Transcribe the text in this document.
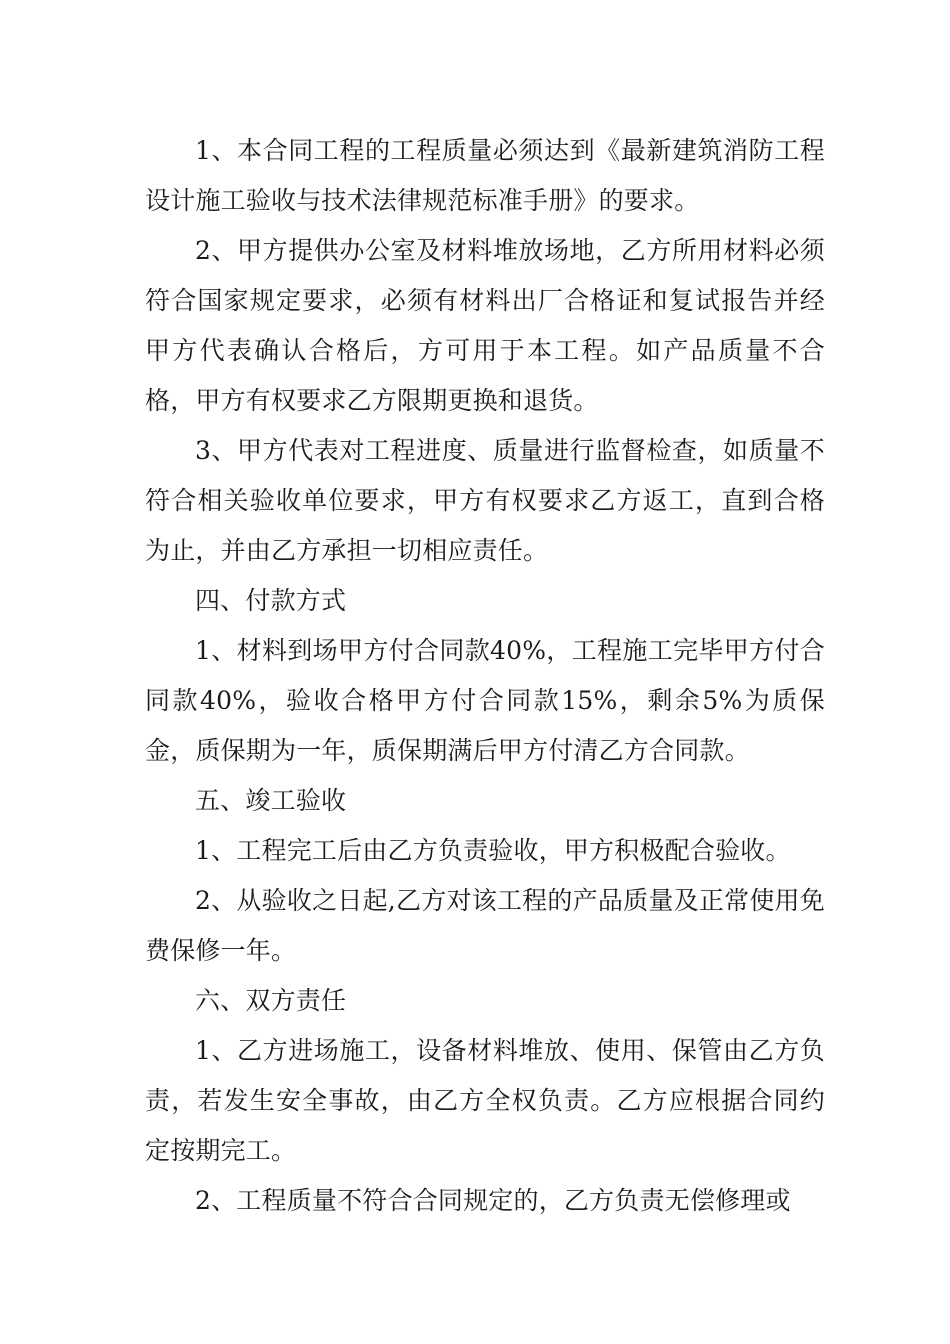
1、本合同工程的工程质量必须达到《最新建筑消防工程设计施工验收与技术法律规范标准手册》的要求。

2、甲方提供办公室及材料堆放场地，乙方所用材料必须符合国家规定要求，必须有材料出厂合格证和复试报告并经甲方代表确认合格后，方可用于本工程。如产品质量不合格，甲方有权要求乙方限期更换和退货。

3、甲方代表对工程进度、质量进行监督检查，如质量不符合相关验收单位要求，甲方有权要求乙方返工，直到合格为止，并由乙方承担一切相应责任。

四、付款方式

1、材料到场甲方付合同款40%，工程施工完毕甲方付合同款40%，验收合格甲方付合同款15%，剩余5%为质保金，质保期为一年，质保期满后甲方付清乙方合同款。

五、竣工验收

1、工程完工后由乙方负责验收，甲方积极配合验收。

2、从验收之日起,乙方对该工程的产品质量及正常使用免费保修一年。

六、双方责任

1、乙方进场施工，设备材料堆放、使用、保管由乙方负责，若发生安全事故，由乙方全权负责。乙方应根据合同约定按期完工。

2、工程质量不符合合同规定的，乙方负责无偿修理或
